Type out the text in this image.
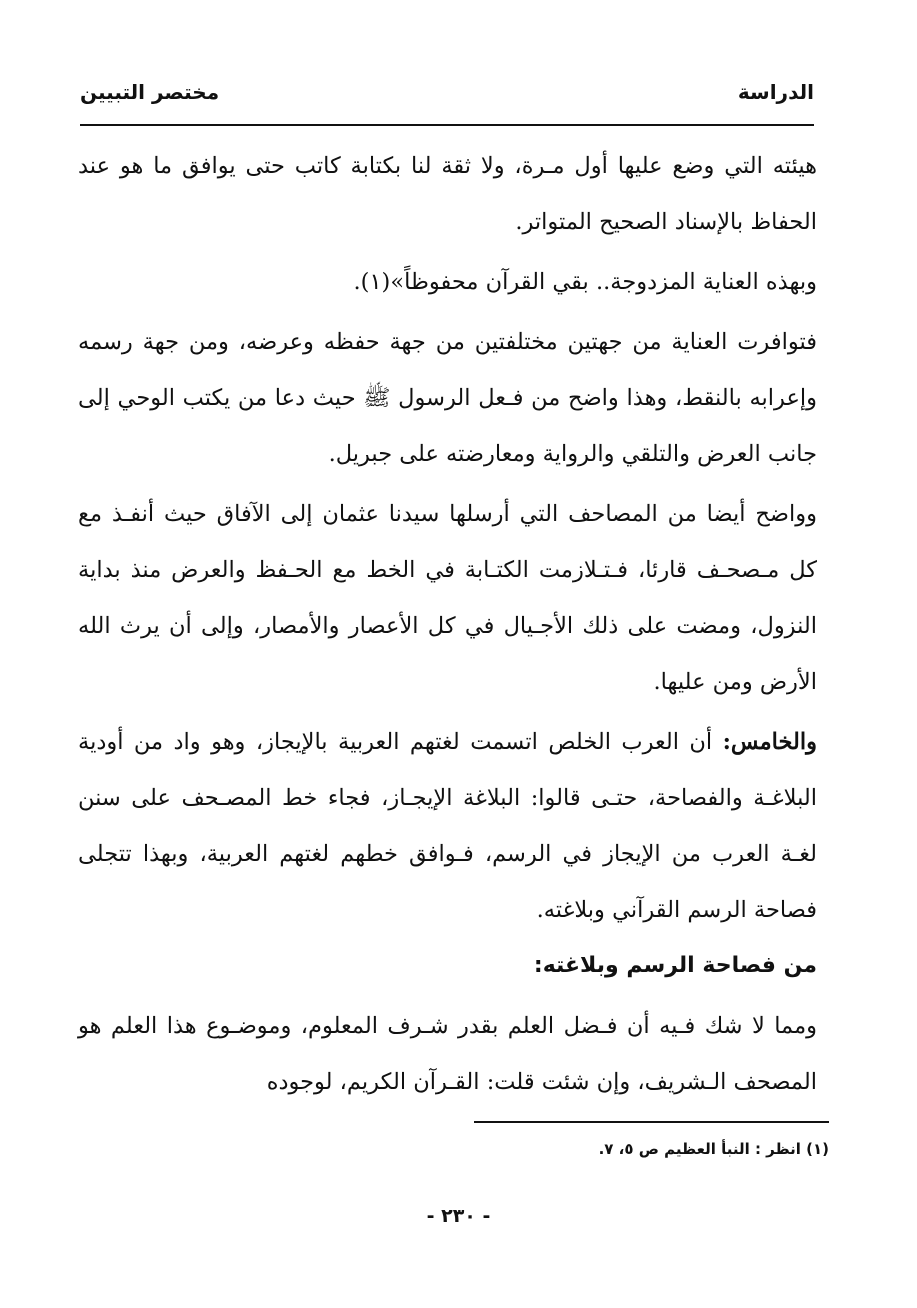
الدراسة
مختصر التبيين

هيئته التي وضع عليها أول مـرة، ولا ثقة لنا بكتابة كاتب حتى يوافق ما هو عند الحفاظ بالإسناد الصحيح المتواتر.

وبهذه العناية المزدوجة.. بقي القرآن محفوظاً»(١).

فتوافرت العناية من جهتين مختلفتين من جهة حفظه وعرضه، ومن جهة رسمه وإعرابه بالنقط، وهذا واضح من فـعل الرسول ﷺ حيث دعا من يكتب الوحي إلى جانب العرض والتلقي والرواية ومعارضته على جبريل.

وواضح أيضا من المصاحف التي أرسلها سيدنا عثمان إلى الآفاق حيث أنفـذ مع كل مـصحـف قارئا، فـتـلازمت الكتـابة في الخط مع الحـفظ والعرض منذ بداية النزول، ومضت على ذلك الأجـيال في كل الأعصار والأمصار، وإلى أن يرث الله الأرض ومن عليها.

والخامس: أن العرب الخلص اتسمت لغتهم العربية بالإيجاز، وهو واد من أودية البلاغـة والفصاحة، حتـى قالوا: البلاغة الإيجـاز، فجاء خط المصـحف على سنن لغـة العرب من الإيجاز في الرسم، فـوافق خطهم لغتهم العربية، وبهذا تتجلى فصاحة الرسم القرآني وبلاغته.

من فصاحة الرسم وبلاغته:

ومما لا شك فـيه أن فـضل العلم بقدر شـرف المعلوم، وموضـوع هذا العلم هو المصحف الـشريف، وإن شئت قلت: القـرآن الكريم، لوجوده

(١) انظر : النبأ العظيم ص ٥، ٧.
- ٢٣٠ -
